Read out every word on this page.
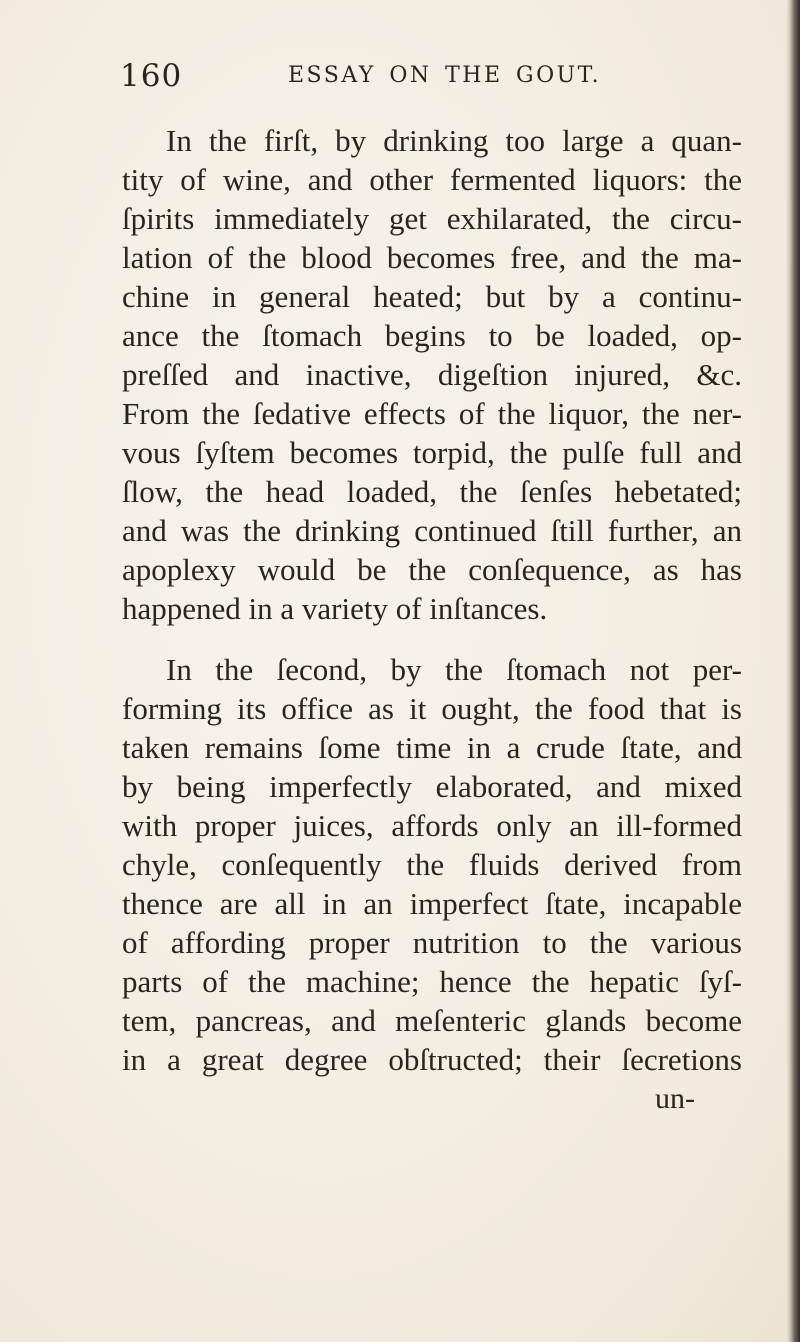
160	ESSAY ON THE GOUT.
In the firſt, by drinking too large a quan-
tity of wine, and other fermented liquors: the
ſpirits immediately get exhilarated, the circu-
lation of the blood becomes free, and the ma-
chine in general heated; but by a continu-
ance the ſtomach begins to be loaded, op-
preſſed and inactive, digeſtion injured, &c.
From the ſedative effects of the liquor, the ner-
vous ſyſtem becomes torpid, the pulſe full and
ſlow, the head loaded, the ſenſes hebetated;
and was the drinking continued ſtill further, an
apoplexy would be the conſequence, as has
happened in a variety of inſtances.
In the ſecond, by the ſtomach not per-
forming its office as it ought, the food that is
taken remains ſome time in a crude ſtate, and
by being imperfectly elaborated, and mixed
with proper juices, affords only an ill-formed
chyle, conſequently the fluids derived from
thence are all in an imperfect ſtate, incapable
of affording proper nutrition to the various
parts of the machine; hence the hepatic ſyſ-
tem, pancreas, and meſenteric glands become
in a great degree obſtructed; their ſecretions
un-
